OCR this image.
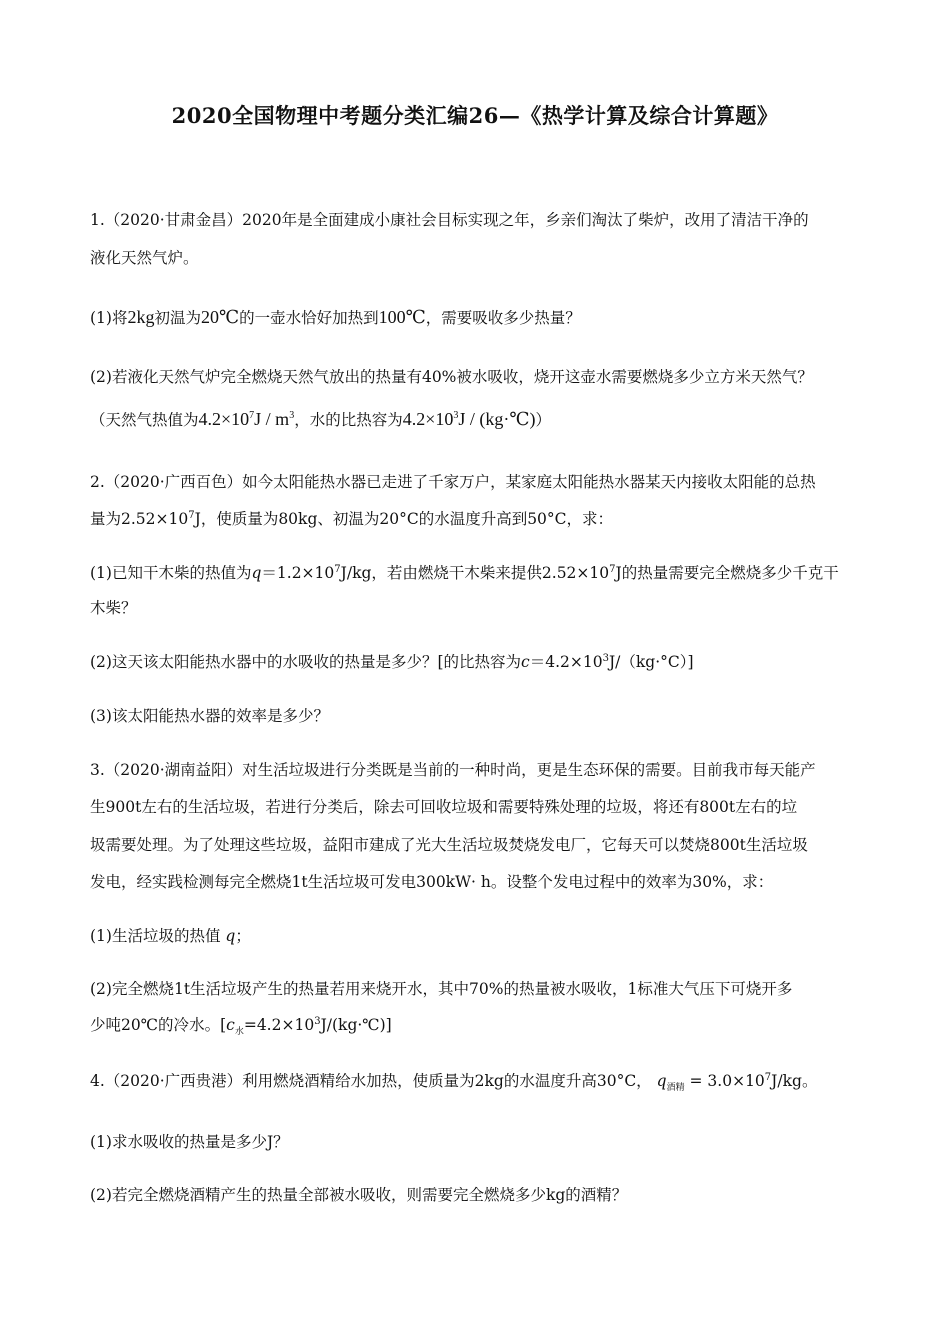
2020全国物理中考题分类汇编26—《热学计算及综合计算题》
1.（2020·甘肃金昌）2020年是全面建成小康社会目标实现之年，乡亲们淘汰了柴炉，改用了清洁干净的
液化天然气炉。
(1)将2kg初温为20℃的一壶水恰好加热到100℃，需要吸收多少热量？
(2)若液化天然气炉完全燃烧天然气放出的热量有40%被水吸收，烧开这壶水需要燃烧多少立方米天然气？
（天然气热值为$4.2\times 10^7J / m^3$，水的比热容为$4.2\times 10^3J$ / (kg·℃)）
2.（2020·广西百色）如今太阳能热水器已走进了千家万户，某家庭太阳能热水器某天内接收太阳能的总热
量为$2.52\times 10^7J$，使质量为80kg、初温为20°C的水温度升高到50°C，求：
(1)已知干木柴的热值为$q=1.2\times 10^7J/kg$，若由燃烧干木柴来提供$2.52\times 10^7J$的热量需要完全燃烧多少千克干
木柴？
(2)这天该太阳能热水器中的水吸收的热量是多少？[的比热容为$c=4.2\times 10^3J/(kg\cdot^\circ C)$]
(3)该太阳能热水器的效率是多少？
3.（2020·湖南益阳）对生活垃圾进行分类既是当前的一种时尚，更是生态环保的需要。目前我市每天能产
生900t左右的生活垃圾，若进行分类后，除去可回收垃圾和需要特殊处理的垃圾，将还有800t左右的垃
圾需要处理。为了处理这些垃圾，益阳市建成了光大生活垃圾焚烧发电厂，它每天可以焚烧800t生活垃圾
发电，经实践检测每完全燃烧1t生活垃圾可发电300kW· h。设整个发电过程中的效率为30%，求：
(1)生活垃圾的热值 q；
(2)完全燃烧1t生活垃圾产生的热量若用来烧开水，其中70%的热量被水吸收，1标准大气压下可烧开多
少吨20℃的冷水。$[c_水=4.2\times 10^3J/(kg\cdot℃)]$
4.（2020·广西贵港）利用燃烧酒精给水加热，使质量为2kg的水温度升高30°C， $q_{酒精} = 3.0\times 10^7J/kg$。
(1)求水吸收的热量是多少J？
(2)若完全燃烧酒精产生的热量全部被水吸收，则需要完全燃烧多少kg的酒精？
